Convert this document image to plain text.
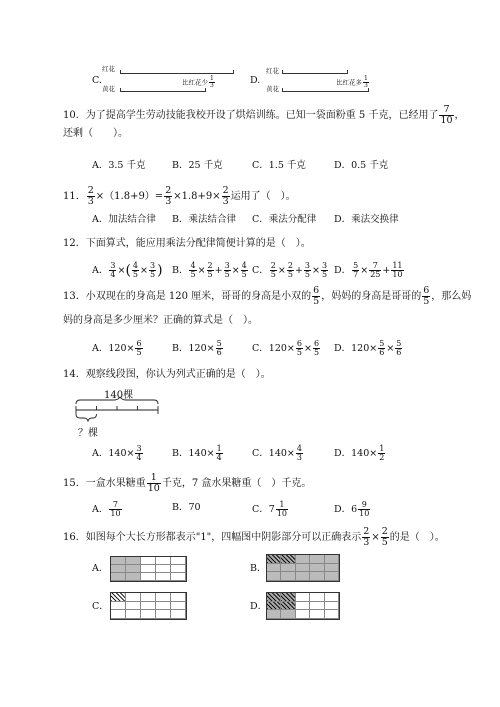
C.
红花
黄花
比红花少 $\frac{1}{3}$	D.
红花
黄花
比红花多 $\frac{1}{3}$
10．为了提高学生劳动技能我校开设了烘焙训练。已知一袋面粉重 5 千克，已经用了 $\frac{7}{10}$ ，
还剩（　　）。
A．3.5 千克	B．25 千克	C．1.5 千克	D．0.5 千克
11． $\frac{2}{3} \times(1.8+9)= \frac{2}{3} \times 1.8+9\times \frac{2}{3}$ 运用了（　）。
A．加法结合律 B．乘法结合律 C．乘法分配律 D．乘法交换律
12．下面算式，能应用乘法分配律简便计算的是（　）。
A． $\frac{3}{4}$ ×( $\frac{4}{5} \times \frac{3}{5}$ ) B． $\frac{4}{5} \times \frac{2}{5} + \frac{3}{5} \times \frac{4}{5}$ C． $\frac{2}{5} \times \frac{2}{5} + \frac{3}{5} \times \frac{3}{5}$ D． $\frac{5}{7} \times \frac{7}{25} + \frac{11}{10}$
13．小双现在的身高是 120 厘米，哥哥的身高是小双的 $\frac{6}{5}$ ，妈妈的身高是哥哥的 $\frac{6}{5}$ ，那么妈
妈的身高是多少厘米？正确的算式是（　）。
A．$120\times \frac{6}{5}$	B．$120\times \frac{5}{6}$	C．$120\times \frac{6}{5} \times \frac{6}{5}$ D．$120\times \frac{5}{6} \times \frac{5}{6}$
14．观察线段图，你认为列式正确的是（　）。
140棵
？棵
A．$140\times \frac{3}{4}$	B．$140\times \frac{1}{4}$	C．$140\times \frac{4}{3}$	D．$140\times \frac{1}{2}$
15．一盒水果糖重 $\frac{1}{10}$ 千克，7 盒水果糖重（　）千克。
A． $\frac{7}{10}$	B．70	C．$7 \frac{1}{10}$	D．$6 \frac{9}{10}$
16．如图每个大长方形都表示"1"，四幅图中阴影部分可以正确表示 $\frac{2}{3} \times \frac{2}{5}$ 的是（　）。
A．	B．
C．	D．
